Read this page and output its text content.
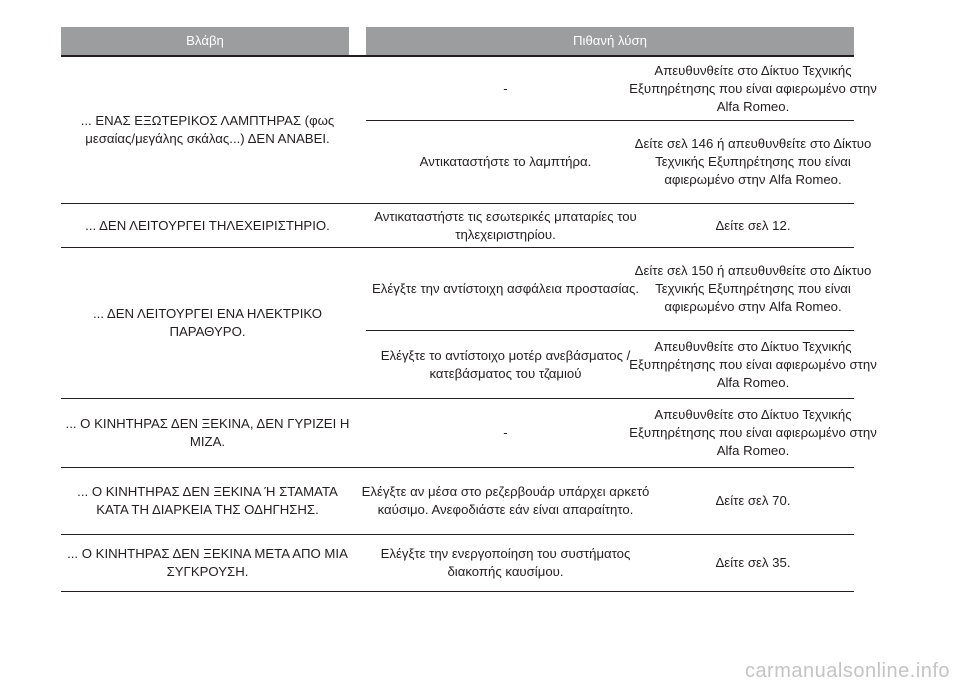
Βλάβη	Πιθανή λύση
... ΕΝΑΣ ΕΞΩΤΕΡΙΚΟΣ ΛΑΜΠΤΗΡΑΣ (φως μεσαίας/μεγάλης σκάλας...) ΔΕΝ ΑΝΑΒΕΙ.
-
Απευθυνθείτε στο Δίκτυο Τεχνικής Εξυπηρέτησης που είναι αφιερωμένο στην Alfa Romeo.
Αντικαταστήστε το λαμπτήρα.
Δείτε σελ 146 ή απευθυνθείτε στο Δίκτυο Τεχνικής Εξυπηρέτησης που είναι αφιερωμένο στην Alfa Romeo.
... ΔΕΝ ΛΕΙΤΟΥΡΓΕΙ ΤΗΛΕΧΕΙΡΙΣΤΗΡΙΟ.
Αντικαταστήστε τις εσωτερικές μπαταρίες του τηλεχειριστηρίου.
Δείτε σελ 12.
... ΔΕΝ ΛΕΙΤΟΥΡΓΕΙ ΕΝΑ ΗΛΕΚΤΡΙΚΟ ΠΑΡΑΘΥΡΟ.
Ελέγξτε την αντίστοιχη ασφάλεια προστασίας.
Δείτε σελ 150 ή απευθυνθείτε στο Δίκτυο Τεχνικής Εξυπηρέτησης που είναι αφιερωμένο στην Alfa Romeo.
Ελέγξτε το αντίστοιχο μοτέρ ανεβάσματος / κατεβάσματος του τζαμιού
Απευθυνθείτε στο Δίκτυο Τεχνικής Εξυπηρέτησης που είναι αφιερωμένο στην Alfa Romeo.
... Ο ΚΙΝΗΤΗΡΑΣ ΔΕΝ ΞΕΚΙΝΑ, ΔΕΝ ΓΥΡΙΖΕΙ Η ΜΙΖΑ.
-
Απευθυνθείτε στο Δίκτυο Τεχνικής Εξυπηρέτησης που είναι αφιερωμένο στην Alfa Romeo.
... Ο ΚΙΝΗΤΗΡΑΣ ΔΕΝ ΞΕΚΙΝΑ Ή ΣΤΑΜΑΤΑ ΚΑΤΑ ΤΗ ΔΙΑΡΚΕΙΑ ΤΗΣ ΟΔΗΓΗΣΗΣ.
Ελέγξτε αν μέσα στο ρεζερβουάρ υπάρχει αρκετό καύσιμο. Ανεφοδιάστε εάν είναι απαραίτητο.
Δείτε σελ 70.
... Ο ΚΙΝΗΤΗΡΑΣ ΔΕΝ ΞΕΚΙΝΑ ΜΕΤΑ ΑΠΟ ΜΙΑ ΣΥΓΚΡΟΥΣΗ.
Ελέγξτε την ενεργοποίηση του συστήματος διακοπής καυσίμου.
Δείτε σελ 35.
carmanualsonline.info
